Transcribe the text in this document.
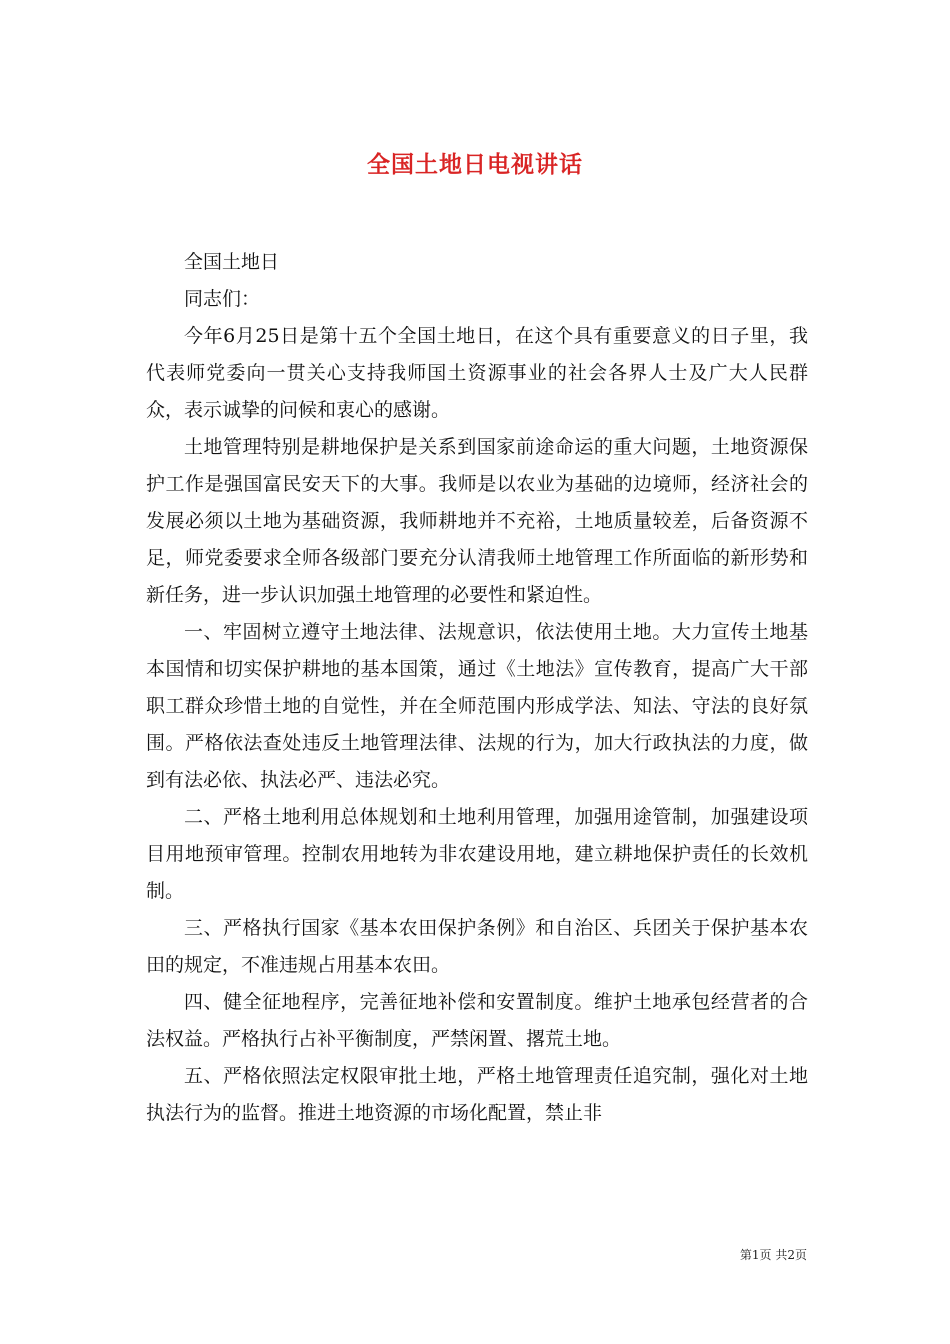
全国土地日电视讲话

全国土地日

同志们：

今年6月25日是第十五个全国土地日，在这个具有重要意义的日子里，我代表师党委向一贯关心支持我师国土资源事业的社会各界人士及广大人民群众，表示诚挚的问候和衷心的感谢。

土地管理特别是耕地保护是关系到国家前途命运的重大问题，土地资源保护工作是强国富民安天下的大事。我师是以农业为基础的边境师，经济社会的发展必须以土地为基础资源，我师耕地并不充裕，土地质量较差，后备资源不足，师党委要求全师各级部门要充分认清我师土地管理工作所面临的新形势和新任务，进一步认识加强土地管理的必要性和紧迫性。

一、牢固树立遵守土地法律、法规意识，依法使用土地。大力宣传土地基本国情和切实保护耕地的基本国策，通过《土地法》宣传教育，提高广大干部职工群众珍惜土地的自觉性，并在全师范围内形成学法、知法、守法的良好氛围。严格依法查处违反土地管理法律、法规的行为，加大行政执法的力度，做到有法必依、执法必严、违法必究。

二、严格土地利用总体规划和土地利用管理，加强用途管制，加强建设项目用地预审管理。控制农用地转为非农建设用地，建立耕地保护责任的长效机制。

三、严格执行国家《基本农田保护条例》和自治区、兵团关于保护基本农田的规定，不准违规占用基本农田。

四、健全征地程序，完善征地补偿和安置制度。维护土地承包经营者的合法权益。严格执行占补平衡制度，严禁闲置、撂荒土地。

五、严格依照法定权限审批土地，严格土地管理责任追究制，强化对土地执法行为的监督。推进土地资源的市场化配置，禁止非

第1页 共2页
